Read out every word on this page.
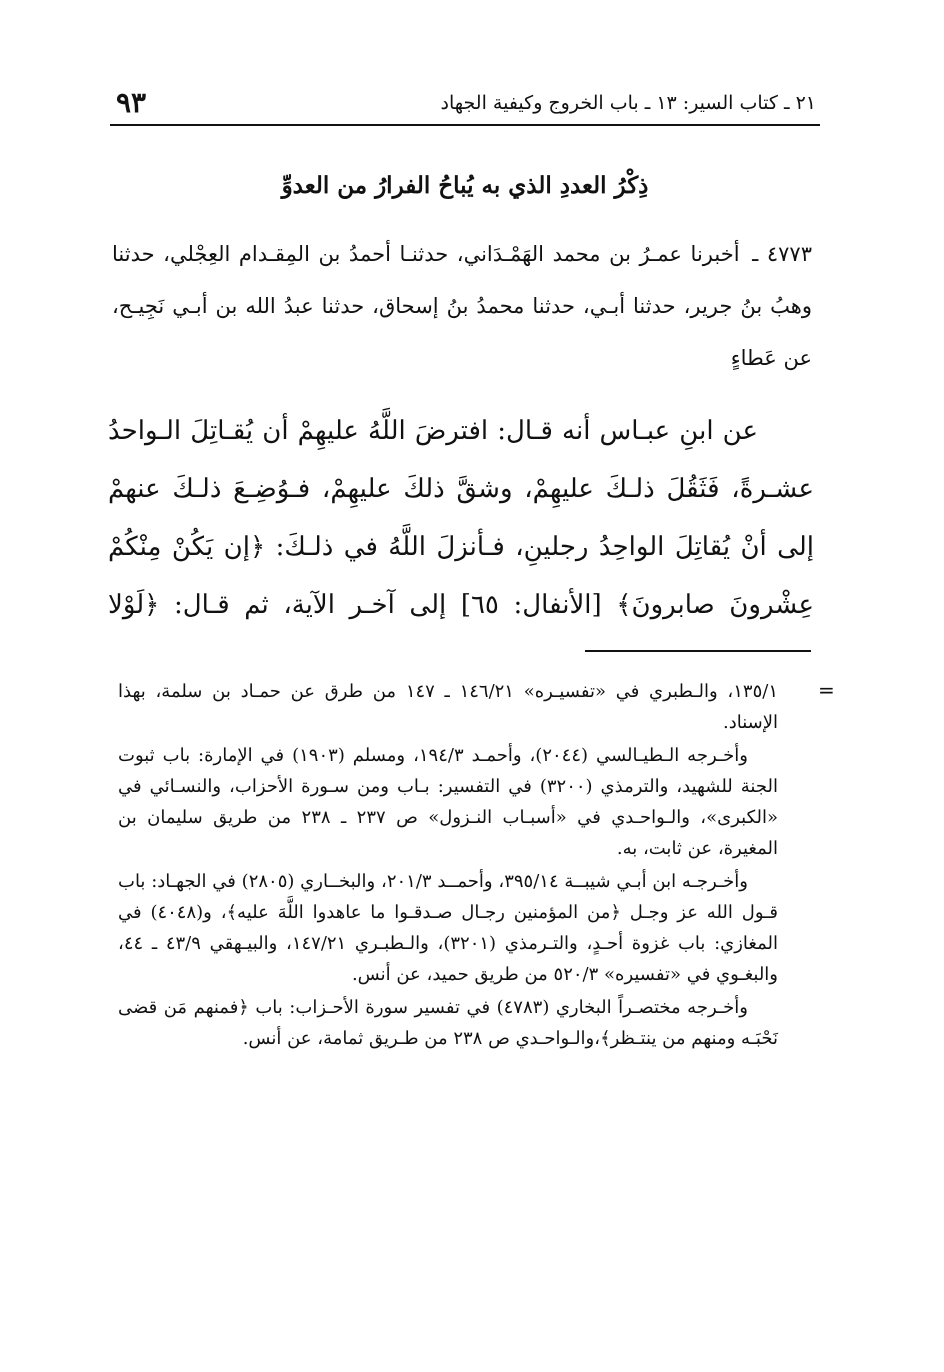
٢١ ـ كتاب السير: ١٣ ـ باب الخروج وكيفية الجهاد
٩٣
ذِكْرُ العددِ الذي به يُباحُ الفرارُ من العدوِّ
٤٧٧٣ ـ أخبرنا عمـرُ بن محمد الهَمْـدَاني، حدثنـا أحمدُ بن المِقـدام العِجْلي، حدثنا وهبُ بنُ جرير، حدثنا أبـي، حدثنا محمدُ بنُ إسحاق، حدثنا عبدُ الله بن أبـي نَجِيـح، عن عَطاءٍ

عن ابنِ عبـاس أنه قـال: افترضَ اللَّهُ عليهِمْ أن يُقـاتِلَ الـواحدُ عشـرةً، فَثَقُلَ ذلـكَ عليهِمْ، وشقَّ ذلكَ عليهِمْ، فـوُضِـعَ ذلـكَ عنهمْ إلى أنْ يُقاتِلَ الواحِدُ رجلينِ، فـأنزلَ اللَّهُ في ذلـكَ: ﴿إن يَكُنْ مِنْكُمْ عِشْرونَ صابرونَ﴾ [الأنفال: ٦٥] إلى آخـر الآية، ثم قـال: ﴿لَوْلا

=

١٣٥/١، والـطبري في «تفسيـره» ١٤٦/٢١ ـ ١٤٧ من طرق عن حمـاد بن سلمة، بهذا الإسناد.

وأخـرجه الـطيـالسي (٢٠٤٤)، وأحمـد ١٩٤/٣، ومسلم (١٩٠٣) في الإمارة: باب ثبوت الجنة للشهيد، والترمذي (٣٢٠٠) في التفسير: بـاب ومن سـورة الأحزاب، والنسـائي في «الكبرى»، والـواحـدي في «أسبـاب النـزول» ص ٢٣٧ ـ ٢٣٨ من طريق سليمان بن المغيرة، عن ثابت، به.

وأخـرجـه ابن أبـي شيبــة ٣٩٥/١٤، وأحمــد ٢٠١/٣، والبخــاري (٢٨٠٥) في الجهـاد: باب قـول الله عز وجـل ﴿من المؤمنين رجـال صـدقـوا ما عاهدوا اللَّهَ عليه﴾، و(٤٠٤٨) في المغازي: باب غزوة أحـدٍ، والتـرمذي (٣٢٠١)، والـطبـري ١٤٧/٢١، والبيـهقي ٤٣/٩ ـ ٤٤، والبغـوي في «تفسيره» ٥٢٠/٣ من طريق حميد، عن أنس.

وأخـرجه مختصـراً البخاري (٤٧٨٣) في تفسير سورة الأحـزاب: باب ﴿فمنهم مَن قضى نَحْبَـه ومنهم من ينتـظر﴾،والـواحـدي ص ٢٣٨ من طـريق ثمامة، عن أنس.
